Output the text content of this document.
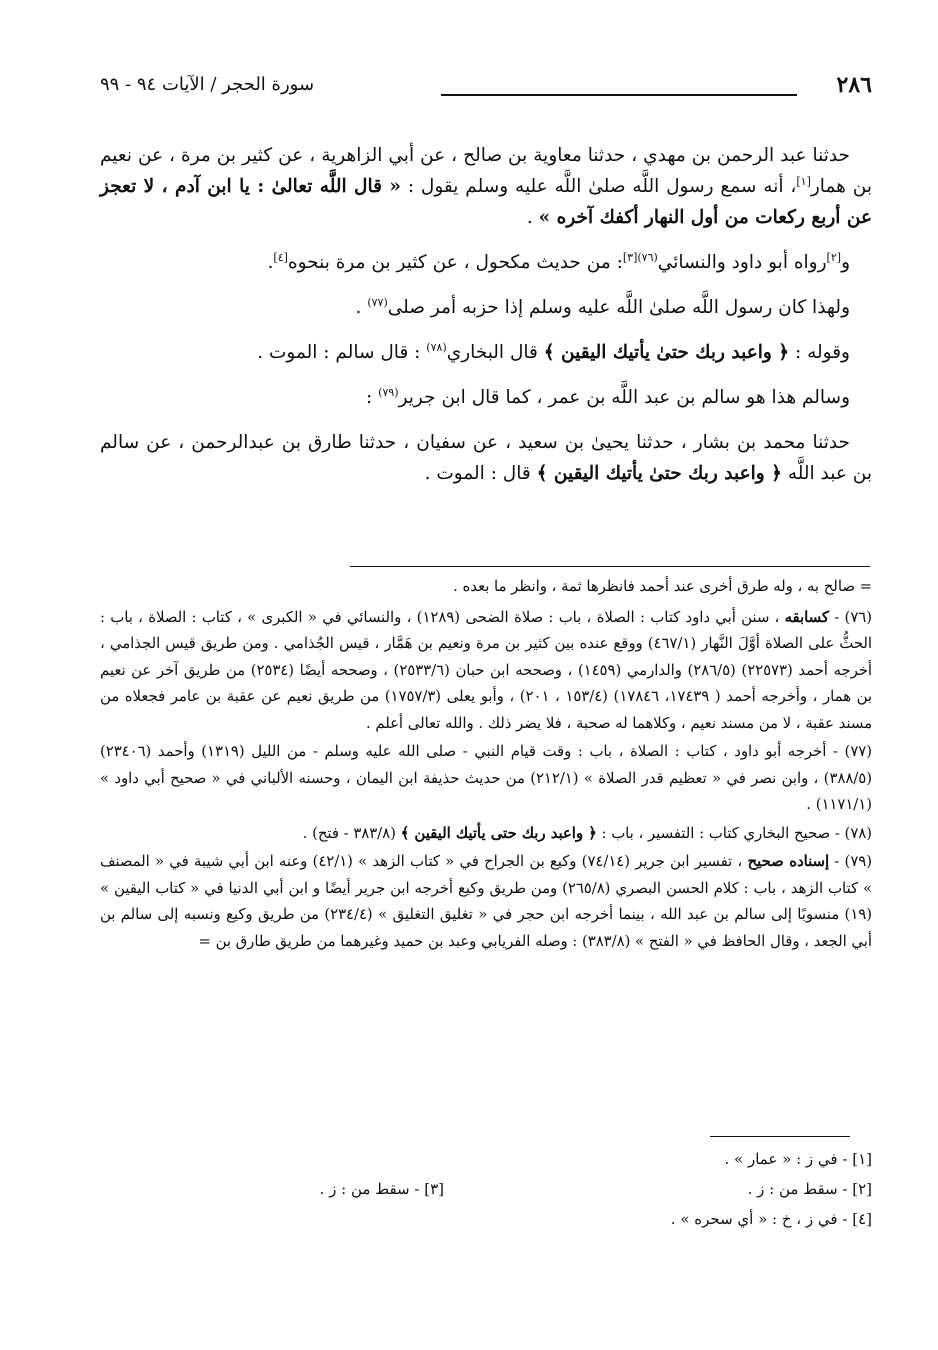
٢٨٦
سورة الحجر / الآيات ٩٤ - ٩٩

حدثنا عبد الرحمن بن مهدي ، حدثنا معاوية بن صالح ، عن أبي الزاهرية ، عن كثير بن مرة ، عن نعيم بن همار[١]، أنه سمع رسول اللَّه صلىٰ اللَّه عليه وسلم يقول : « قال اللَّه تعالىٰ : يا ابن آدم ، لا تعجز عن أربع ركعات من أول النهار أكفك آخره » .

و[٢]رواه أبو داود والنسائي$^{(٧٦)[٣]}$: من حديث مكحول ، عن كثير بن مرة بنحوه[٤].

ولهذا كان رسول اللَّه صلىٰ اللَّه عليه وسلم إذا حزبه أمر صلى$^{(٧٧)}$ .

وقوله : ﴿ واعبد ربك حتىٰ يأتيك اليقين ﴾ قال البخاري$^{(٧٨)}$ : قال سالم : الموت .

وسالم هذا هو سالم بن عبد اللَّه بن عمر ، كما قال ابن جرير$^{(٧٩)}$ :

حدثنا محمد بن بشار ، حدثنا يحيىٰ بن سعيد ، عن سفيان ، حدثنا طارق بن عبدالرحمن ، عن سالم بن عبد اللَّه ﴿ واعبد ربك حتىٰ يأتيك اليقين ﴾ قال : الموت .

= صالح به ، وله طرق أخرى عند أحمد فانظرها ثمة ، وانظر ما بعده .

(٧٦) - كسابقه ، سنن أبي داود كتاب : الصلاة ، باب : صلاة الضحى (١٢٨٩) ، والنسائي في « الكبرى » ، كتاب : الصلاة ، باب : الحثُّ على الصلاة أوَّلَ النَّهار (٤٦٧/١) ووقع عنده بين كثير بن مرة ونعيم بن هَمَّار ، قيس الجُذامي . ومن طريق قيس الجذامي ، أخرجه أحمد (٢٢٥٧٣) (٢٨٦/٥) والدارمي (١٤٥٩) ، وصححه ابن حبان (٢٥٣٣/٦) ، وصححه أيضًا (٢٥٣٤) من طريق آخر عن نعيم بن همار ، وأخرجه أحمد ( ١٧٤٣٩، ١٧٨٤٦) (١٥٣/٤ ، ٢٠١) ، وأبو يعلى (١٧٥٧/٣) من طريق نعيم عن عقبة بن عامر فجعلاه من مسند عقبة ، لا من مسند نعيم ، وكلاهما له صحبة ، فلا يضر ذلك . والله تعالى أعلم .

(٧٧) - أخرجه أبو داود ، كتاب : الصلاة ، باب : وقت قيام النبي - صلى الله عليه وسلم - من الليل (١٣١٩) وأحمد (٢٣٤٠٦) (٣٨٨/٥) ، وابن نصر في « تعظيم قدر الصلاة » (٢١٢/١) من حديث حذيفة ابن اليمان ، وحسنه الألباني في « صحيح أبي داود » (١١٧١/١) .

(٧٨) - صحيح البخاري كتاب : التفسير ، باب : ﴿ واعبد ربك حتى يأتيك اليقين ﴾ (٣٨٣/٨ - فتح) .

(٧٩) - إسناده صحيح ، تفسير ابن جرير (٧٤/١٤) وكيع بن الجراح في « كتاب الزهد » (٤٢/١) وعنه ابن أبي شيبة في « المصنف » كتاب الزهد ، باب : كلام الحسن البصري (٢٦٥/٨) ومن طريق وكيع أخرجه ابن جرير أيضًا و ابن أبي الدنيا في « كتاب اليقين » (١٩) منسوبًا إلى سالم بن عبد الله ، بينما أخرجه ابن حجر في « تغليق التغليق » (٢٣٤/٤) من طريق وكيع ونسبه إلى سالم بن أبي الجعد ، وقال الحافظ في « الفتح » (٣٨٣/٨) : وصله الفريابي وعبد بن حميد وغيرهما من طريق طارق بن =

[١] - في ز : « عمار » .
[٢] - سقط من : ز .
[٣] - سقط من : ز .
[٤] - في ز ، خ : « أي سحره » .
